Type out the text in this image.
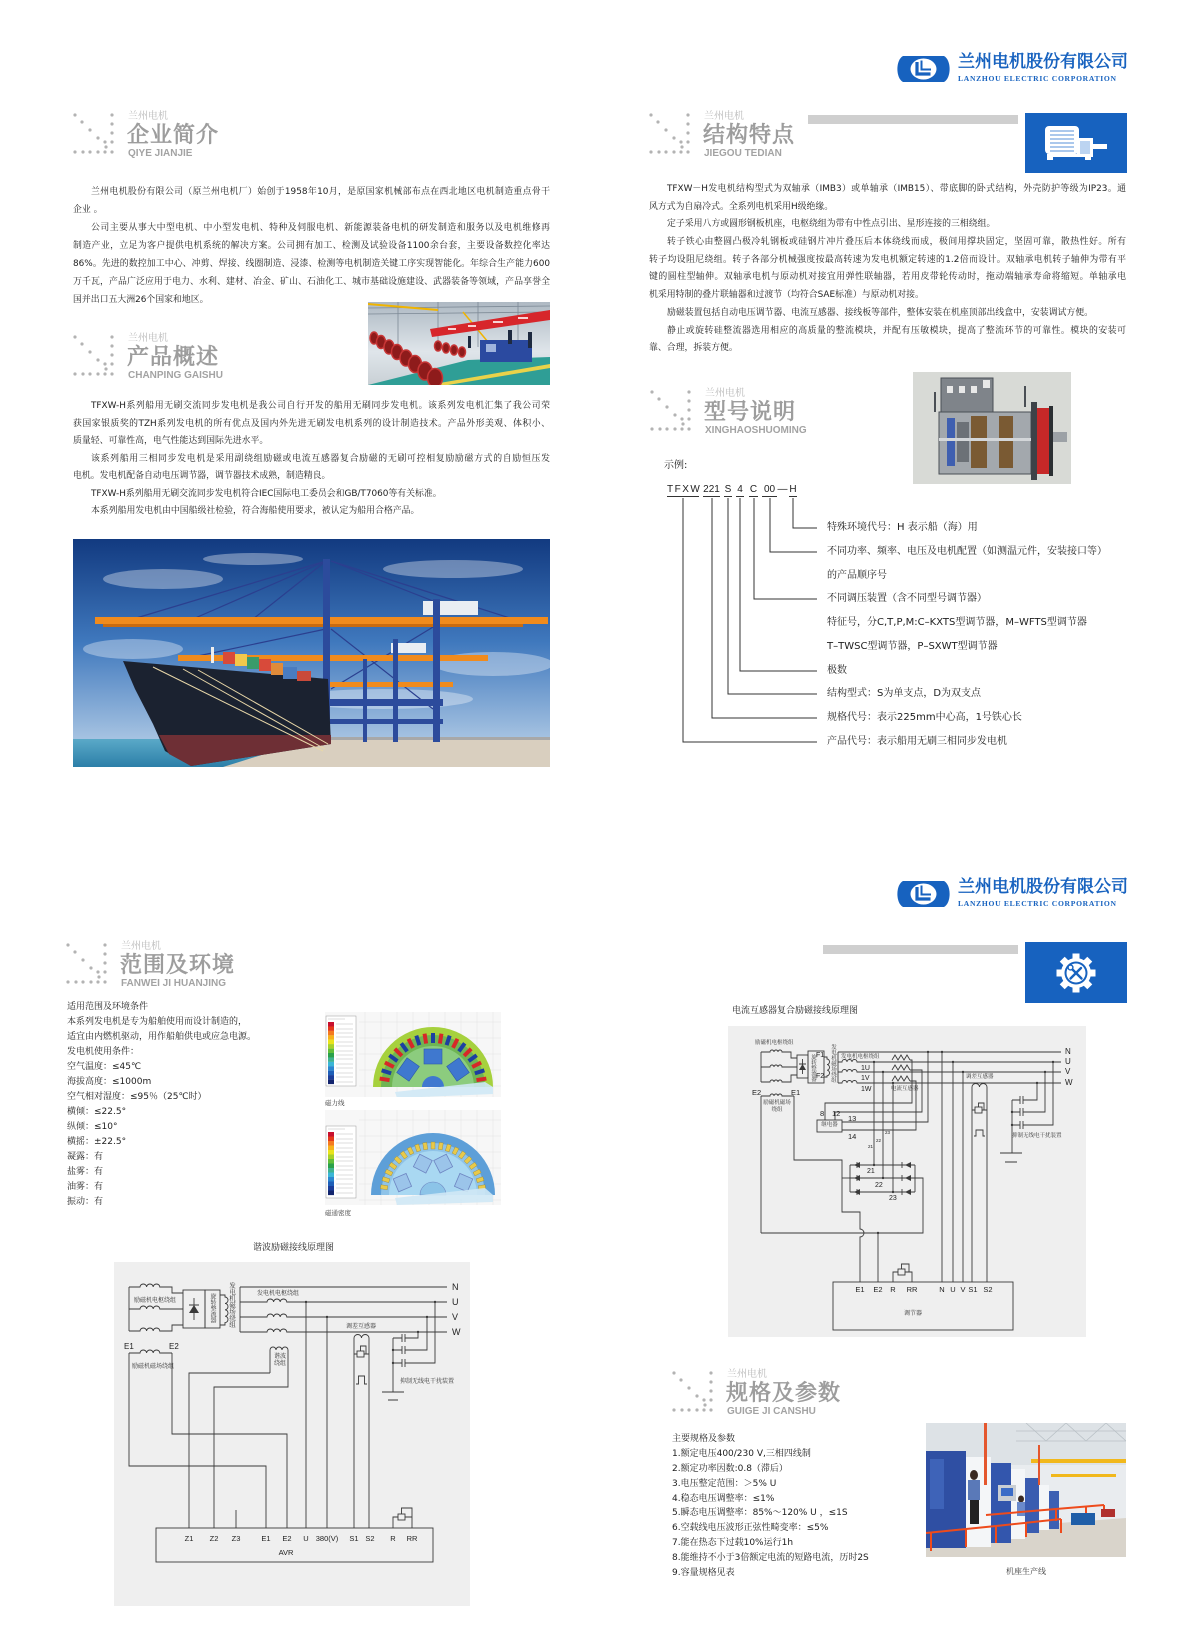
兰州电机
企业简介
QIYE JIANJIE
兰州电机股份有限公司（原兰州电机厂）始创于1958年10月，是原国家机械部布点在西北地区电机制造重点骨干
企业 。
公司主要从事大中型电机、中小型发电机、特种及伺服电机、新能源装备电机的研发制造和服务以及电机维修再
制造产业，立足为客户提供电机系统的解决方案。公司拥有加工、检测及试验设备1100余台套，主要设备数控化率达
86%。先进的数控加工中心、冲剪、焊接、线圈制造、浸漆、检测等电机制造关键工序实现智能化。年综合生产能力600
万千瓦，产品广泛应用于电力、水利、建材、冶金、矿山、石油化工、城市基础设施建设、武器装备等领域，产品享誉全
国并出口五大洲26个国家和地区。
兰州电机
产品概述
CHANPING GAISHU
TFXW-H系列船用无刷交流同步发电机是我公司自行开发的船用无刷同步发电机。该系列发电机汇集了我公司荣
获国家银质奖的TZH系列发电机的所有优点及国内外先进无刷发电机系列的设计制造技术。产品外形美观、体积小、
质量轻、可靠性高，电气性能达到国际先进水平。
该系列船用三相同步发电机是采用副绕组励磁或电流互感器复合励磁的无刷可控相复励励磁方式的自励恒压发
电机。发电机配备自动电压调节器，调节器技术成熟，制造精良。
TFXW-H系列船用无刷交流同步发电机符合IEC国际电工委员会和GB/T7060等有关标准。
本系列船用发电机由中国船级社检验，符合海船使用要求，被认定为船用合格产品。
兰州电机股份有限公司
LANZHOU ELECTRIC CORPORATION
兰州电机
结构特点
JIEGOU TEDIAN
TFXW－H发电机结构型式为双轴承（IMB3）或单轴承（IMB15）、带底脚的卧式结构，外壳防护等级为IP23。通
风方式为自扇冷式。全系列电机采用H级绝缘。
定子采用八方或圆形钢板机座，电枢绕组为带有中性点引出、星形连接的三相绕组。
转子铁心由整圆凸极冷轧钢板或硅钢片冲片叠压后本体绕线而成，极间用撑块固定，坚固可靠，散热性好。所有
转子均设阻尼绕组。转子各部分机械强度按最高转速为发电机额定转速的1.2倍而设计。双轴承电机转子轴伸为带有平
键的圆柱型轴伸。双轴承电机与原动机对接宜用弹性联轴器，若用皮带轮传动时，拖动端轴承寿命将缩短。单轴承电
机采用特制的叠片联轴器和过渡节（均符合SAE标准）与原动机对接。
励磁装置包括自动电压调节器、电流互感器、接线板等部件，整体安装在机座顶部出线盒中，安装调试方便。
静止或旋转硅整流器选用相应的高质量的整流模块，并配有压敏模块，提高了整流环节的可靠性。模块的安装可
靠、合理，拆装方便。
兰州电机
型号说明
XINGHAOSHUOMING
示例:
TFXW 221 S 4 C 00 — H
特殊环境代号：H 表示船（海）用
不同功率、频率、电压及电机配置（如测温元件，安装接口等）
的产品顺序号
不同调压装置（含不同型号调节器）
特征号，分C,T,P,M:C–KXTS型调节器，M–WFTS型调节器
T–TWSC型调节器，P–SXWT型调节器
极数
结构型式：S为单支点，D为双支点
规格代号：表示225mm中心高，1号铁心长
产品代号：表示船用无刷三相同步发电机
兰州电机
范围及环境
FANWEI JI HUANJING
适用范围及环境条件
本系列发电机是专为船舶使用而设计制造的，
适宜由内燃机驱动，用作船舶供电或应急电源。
发电机使用条件：
空气温度：≤45℃
海拔高度：≤1000m
空气相对湿度：≤95％（25℃时）
横倾：≤22.5°
纵倾：≤10°
横摇：±22.5°
凝露：有
盐雾：有
油雾：有
振动：有
磁力线
磁通密度
谐波励磁接线原理图
励磁机电枢绕组	旋转整流器 发电机磁场绕组	发电机电枢绕组
N
U
V
W
调差互感器
谐波绕组
抑制无线电干扰装置
E1	E2
励磁机磁场绕组
Z1 Z2 Z3	E1 E2 U 380(V) S1 S2 R RR
AVR
兰州电机股份有限公司
LANZHOU ELECTRIC CORPORATION
电流互感器复合励磁接线原理图
励磁机电枢绕组
旋转整流器 F1
F2 发电机磁场绕组 发电机电枢绕组
1U
1V
1W
N
U
V
W
电流互感器
调差互感器
抑制无线电干扰装置
E2	E1
励磁机磁场绕组
继电器
8 12
13
14
21
22
23
21
22
23
E1 E2 R RR	N U V S1 S2
调节器
兰州电机
规格及参数
GUIGE JI CANSHU
主要规格及参数
1.额定电压400/230 V,三相四线制
2.额定功率因数:0.8（滞后）
3.电压整定范围：＞5% U
4.稳态电压调整率：≤1%
5.瞬态电压调整率：85%～120% U ，≤1S
6.空载线电压波形正弦性畸变率：≤5%
7.能在热态下过载10%运行1h
8.能维持不小于3倍额定电流的短路电流，历时2S
9.容量规格见表	机座生产线
